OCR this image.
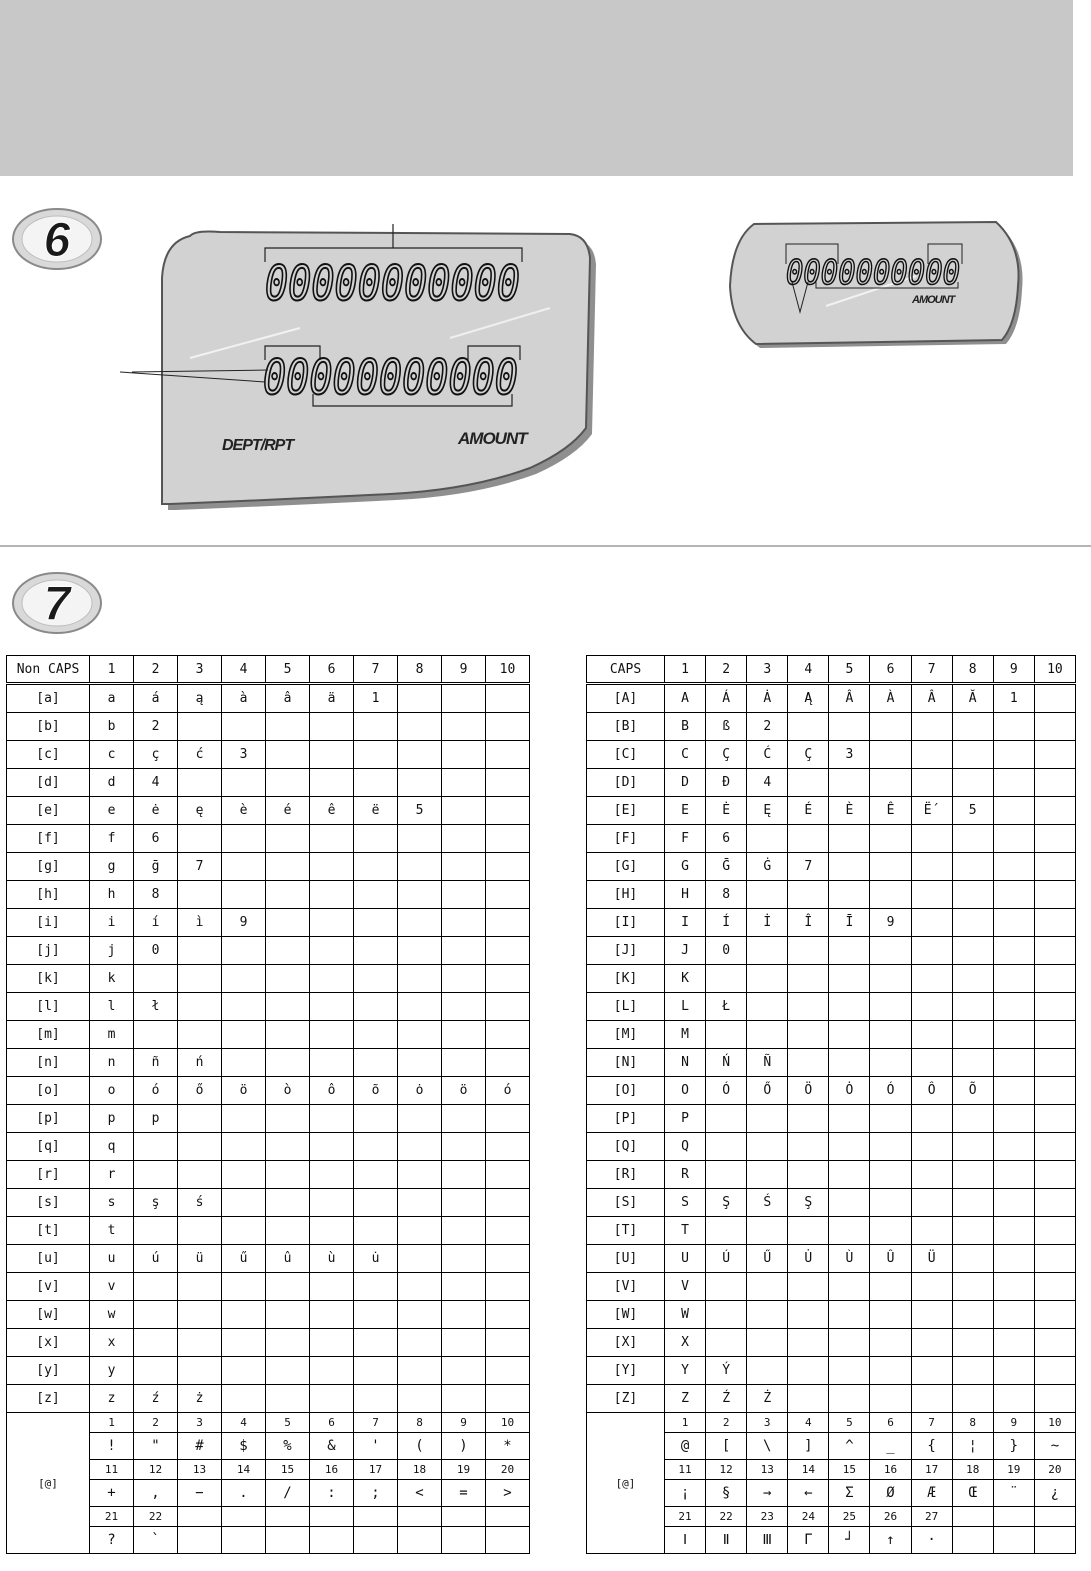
6
00000000000
00000000000
DEPT/RPT	AMOUNT
0000000000
AMOUNT
7
Non CAPS	1	2	3	4	5	6	7	8	9	10
[a]	a	á	ą	à	â	ä	1			
[b]	b	2								
[c]	c	ç	ć	3						
[d]	d	4								
[e]	e	ė	ę	è	é	ê	ë	5		
[f]	f	6								
[g]	g	ḡ	7							
[h]	h	8								
[i]	i	í	ì	9						
[j]	j	0								
[k]	k									
[l]	l	ł								
[m]	m									
[n]	n	ñ	ń							
[o]	o	ó	ő	ö	ò	ô	õ	ȯ	ö	ó
[p]	p	p								
[q]	q									
[r]	r									
[s]	s	ş	ś							
[t]	t									
[u]	u	ú	ü	ű	û	ù	u̇			
[v]	v									
[w]	w									
[x]	x									
[y]	y									
[z]	z	ź	ż							
[@]	1	2	3	4	5	6	7	8	9	10
	!	"	#	$	%	&	'	(	)	*
	11	12	13	14	15	16	17	18	19	20
	+	,	−	.	/	:	;	<	=	>
	21	22								
	?	`								
CAPS	1	2	3	4	5	6	7	8	9	10
[A]	A	Á	Ȧ	Ą	Â	À	Â	Ă	1	
[B]	B	ß	2							
[C]	C	Ç	Ć	Ç	3					
[D]	D	Đ	4							
[E]	E	Ė	Ę	É	È	Ê	Ë´	5		
[F]	F	6								
[G]	G	Ḡ	Ġ	7						
[H]	H	8								
[I]	I	Í	İ	Î	Ī	9				
[J]	J	0								
[K]	K									
[L]	L	Ł								
[M]	M									
[N]	N	Ń	Ñ							
[O]	O	Ó	Ő	Ö	Ȯ	Ó	Ô	Õ		
[P]	P									
[Q]	Q									
[R]	R									
[S]	S	Ş	Ś	Ş						
[T]	T									
[U]	U	Ú	Ű	U̇	Ù	Û	Ü			
[V]	V									
[W]	W									
[X]	X									
[Y]	Y	Ý								
[Z]	Z	Ź	Ż							
[@]	1	2	3	4	5	6	7	8	9	10
	@	[	\	]	^	_	{	¦	}	~
	11	12	13	14	15	16	17	18	19	20
	¡	§	→	←	Σ	Ø	Æ	Œ	¨	¿
	21	22	23	24	25	26	27			
	Ⅰ	Ⅱ	Ⅲ	Γ	┘	↑	·			
